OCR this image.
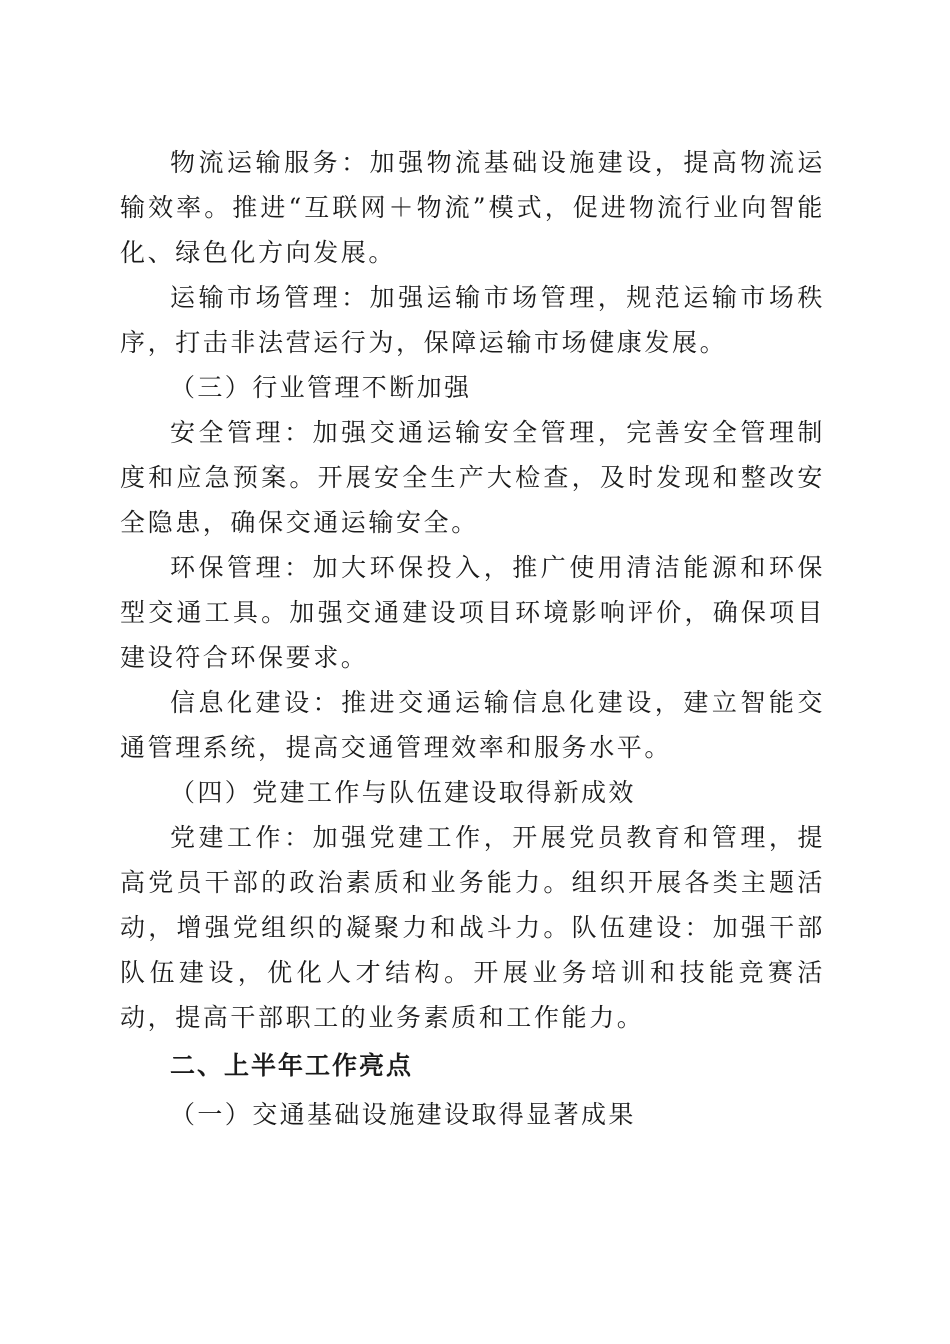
物流运输服务：加强物流基础设施建设，提高物流运输效率。推进“互联网＋物流”模式，促进物流行业向智能化、绿色化方向发展。

运输市场管理：加强运输市场管理，规范运输市场秩序，打击非法营运行为，保障运输市场健康发展。

（三）行业管理不断加强

安全管理：加强交通运输安全管理，完善安全管理制度和应急预案。开展安全生产大检查，及时发现和整改安全隐患，确保交通运输安全。

环保管理：加大环保投入，推广使用清洁能源和环保型交通工具。加强交通建设项目环境影响评价，确保项目建设符合环保要求。

信息化建设：推进交通运输信息化建设，建立智能交通管理系统，提高交通管理效率和服务水平。

（四）党建工作与队伍建设取得新成效

党建工作：加强党建工作，开展党员教育和管理，提高党员干部的政治素质和业务能力。组织开展各类主题活动，增强党组织的凝聚力和战斗力。队伍建设：加强干部队伍建设，优化人才结构。开展业务培训和技能竞赛活动，提高干部职工的业务素质和工作能力。

二、上半年工作亮点

（一）交通基础设施建设取得显著成果
